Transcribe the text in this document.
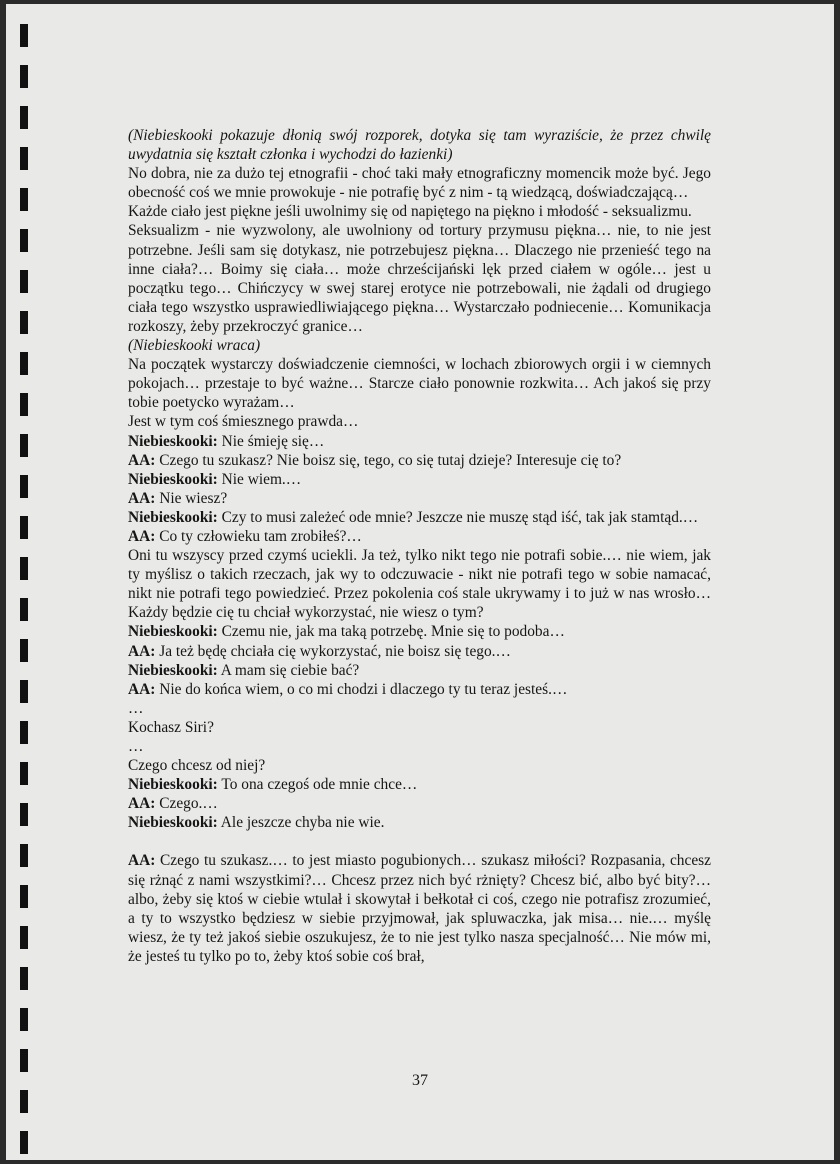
(Niebieskooki pokazuje dłonią swój rozporek, dotyka się tam wyraziście, że przez chwilę uwydatnia się kształt członka i wychodzi do łazienki)

No dobra, nie za dużo tej etnografii - choć taki mały etnograficzny momencik może być. Jego obecność coś we mnie prowokuje - nie potrafię być z nim - tą wiedzącą, doświadczającą…

Każde ciało jest piękne jeśli uwolnimy się od napiętego na piękno i młodość - seksualizmu.

Seksualizm - nie wyzwolony, ale uwolniony od tortury przymusu piękna… nie, to nie jest potrzebne. Jeśli sam się dotykasz, nie potrzebujesz piękna… Dlaczego nie przenieść tego na inne ciała?… Boimy się ciała… może chrześcijański lęk przed ciałem w ogóle… jest u początku tego… Chińczycy w swej starej erotyce nie potrzebowali, nie żądali od drugiego ciała tego wszystko usprawiedliwiającego piękna… Wystarczało podniecenie… Komunikacja rozkoszy, żeby przekroczyć granice…

(Niebieskooki wraca)

Na początek wystarczy doświadczenie ciemności, w lochach zbiorowych orgii i w ciemnych pokojach… przestaje to być ważne… Starcze ciało ponownie rozkwita… Ach jakoś się przy tobie poetycko wyrażam…

Jest w tym coś śmiesznego prawda…

Niebieskooki: Nie śmieję się…

AA: Czego tu szukasz? Nie boisz się, tego, co się tutaj dzieje? Interesuje cię to?

Niebieskooki: Nie wiem.…

AA: Nie wiesz?

Niebieskooki: Czy to musi zależeć ode mnie? Jeszcze nie muszę stąd iść, tak jak stamtąd.…

AA: Co ty człowieku tam zrobiłeś?…

Oni tu wszyscy przed czymś uciekli. Ja też, tylko nikt tego nie potrafi sobie.… nie wiem, jak ty myślisz o takich rzeczach, jak wy to odczuwacie - nikt nie potrafi tego w sobie namacać, nikt nie potrafi tego powiedzieć. Przez pokolenia coś stale ukrywamy i to już w nas wrosło… Każdy będzie cię tu chciał wykorzystać, nie wiesz o tym?

Niebieskooki: Czemu nie, jak ma taką potrzebę. Mnie się to podoba…

AA: Ja też będę chciała cię wykorzystać, nie boisz się tego.…

Niebieskooki: A mam się ciebie bać?

AA: Nie do końca wiem, o co mi chodzi i dlaczego ty tu teraz jesteś.…

…

Kochasz Siri?

…

Czego chcesz od niej?

Niebieskooki: To ona czegoś ode mnie chce…

AA: Czego.…

Niebieskooki: Ale jeszcze chyba nie wie.

AA: Czego tu szukasz.… to jest miasto pogubionych… szukasz miłości? Rozpasania, chcesz się rżnąć z nami wszystkimi?… Chcesz przez nich być rżnięty? Chcesz bić, albo być bity?… albo, żeby się ktoś w ciebie wtulał i skowytał i bełkotał ci coś, czego nie potrafisz zrozumieć, a ty to wszystko będziesz w siebie przyjmował, jak spluwaczka, jak misa… nie.… myślę wiesz, że ty też jakoś siebie oszukujesz, że to nie jest tylko nasza specjalność… Nie mów mi, że jesteś tu tylko po to, żeby ktoś sobie coś brał,

37
